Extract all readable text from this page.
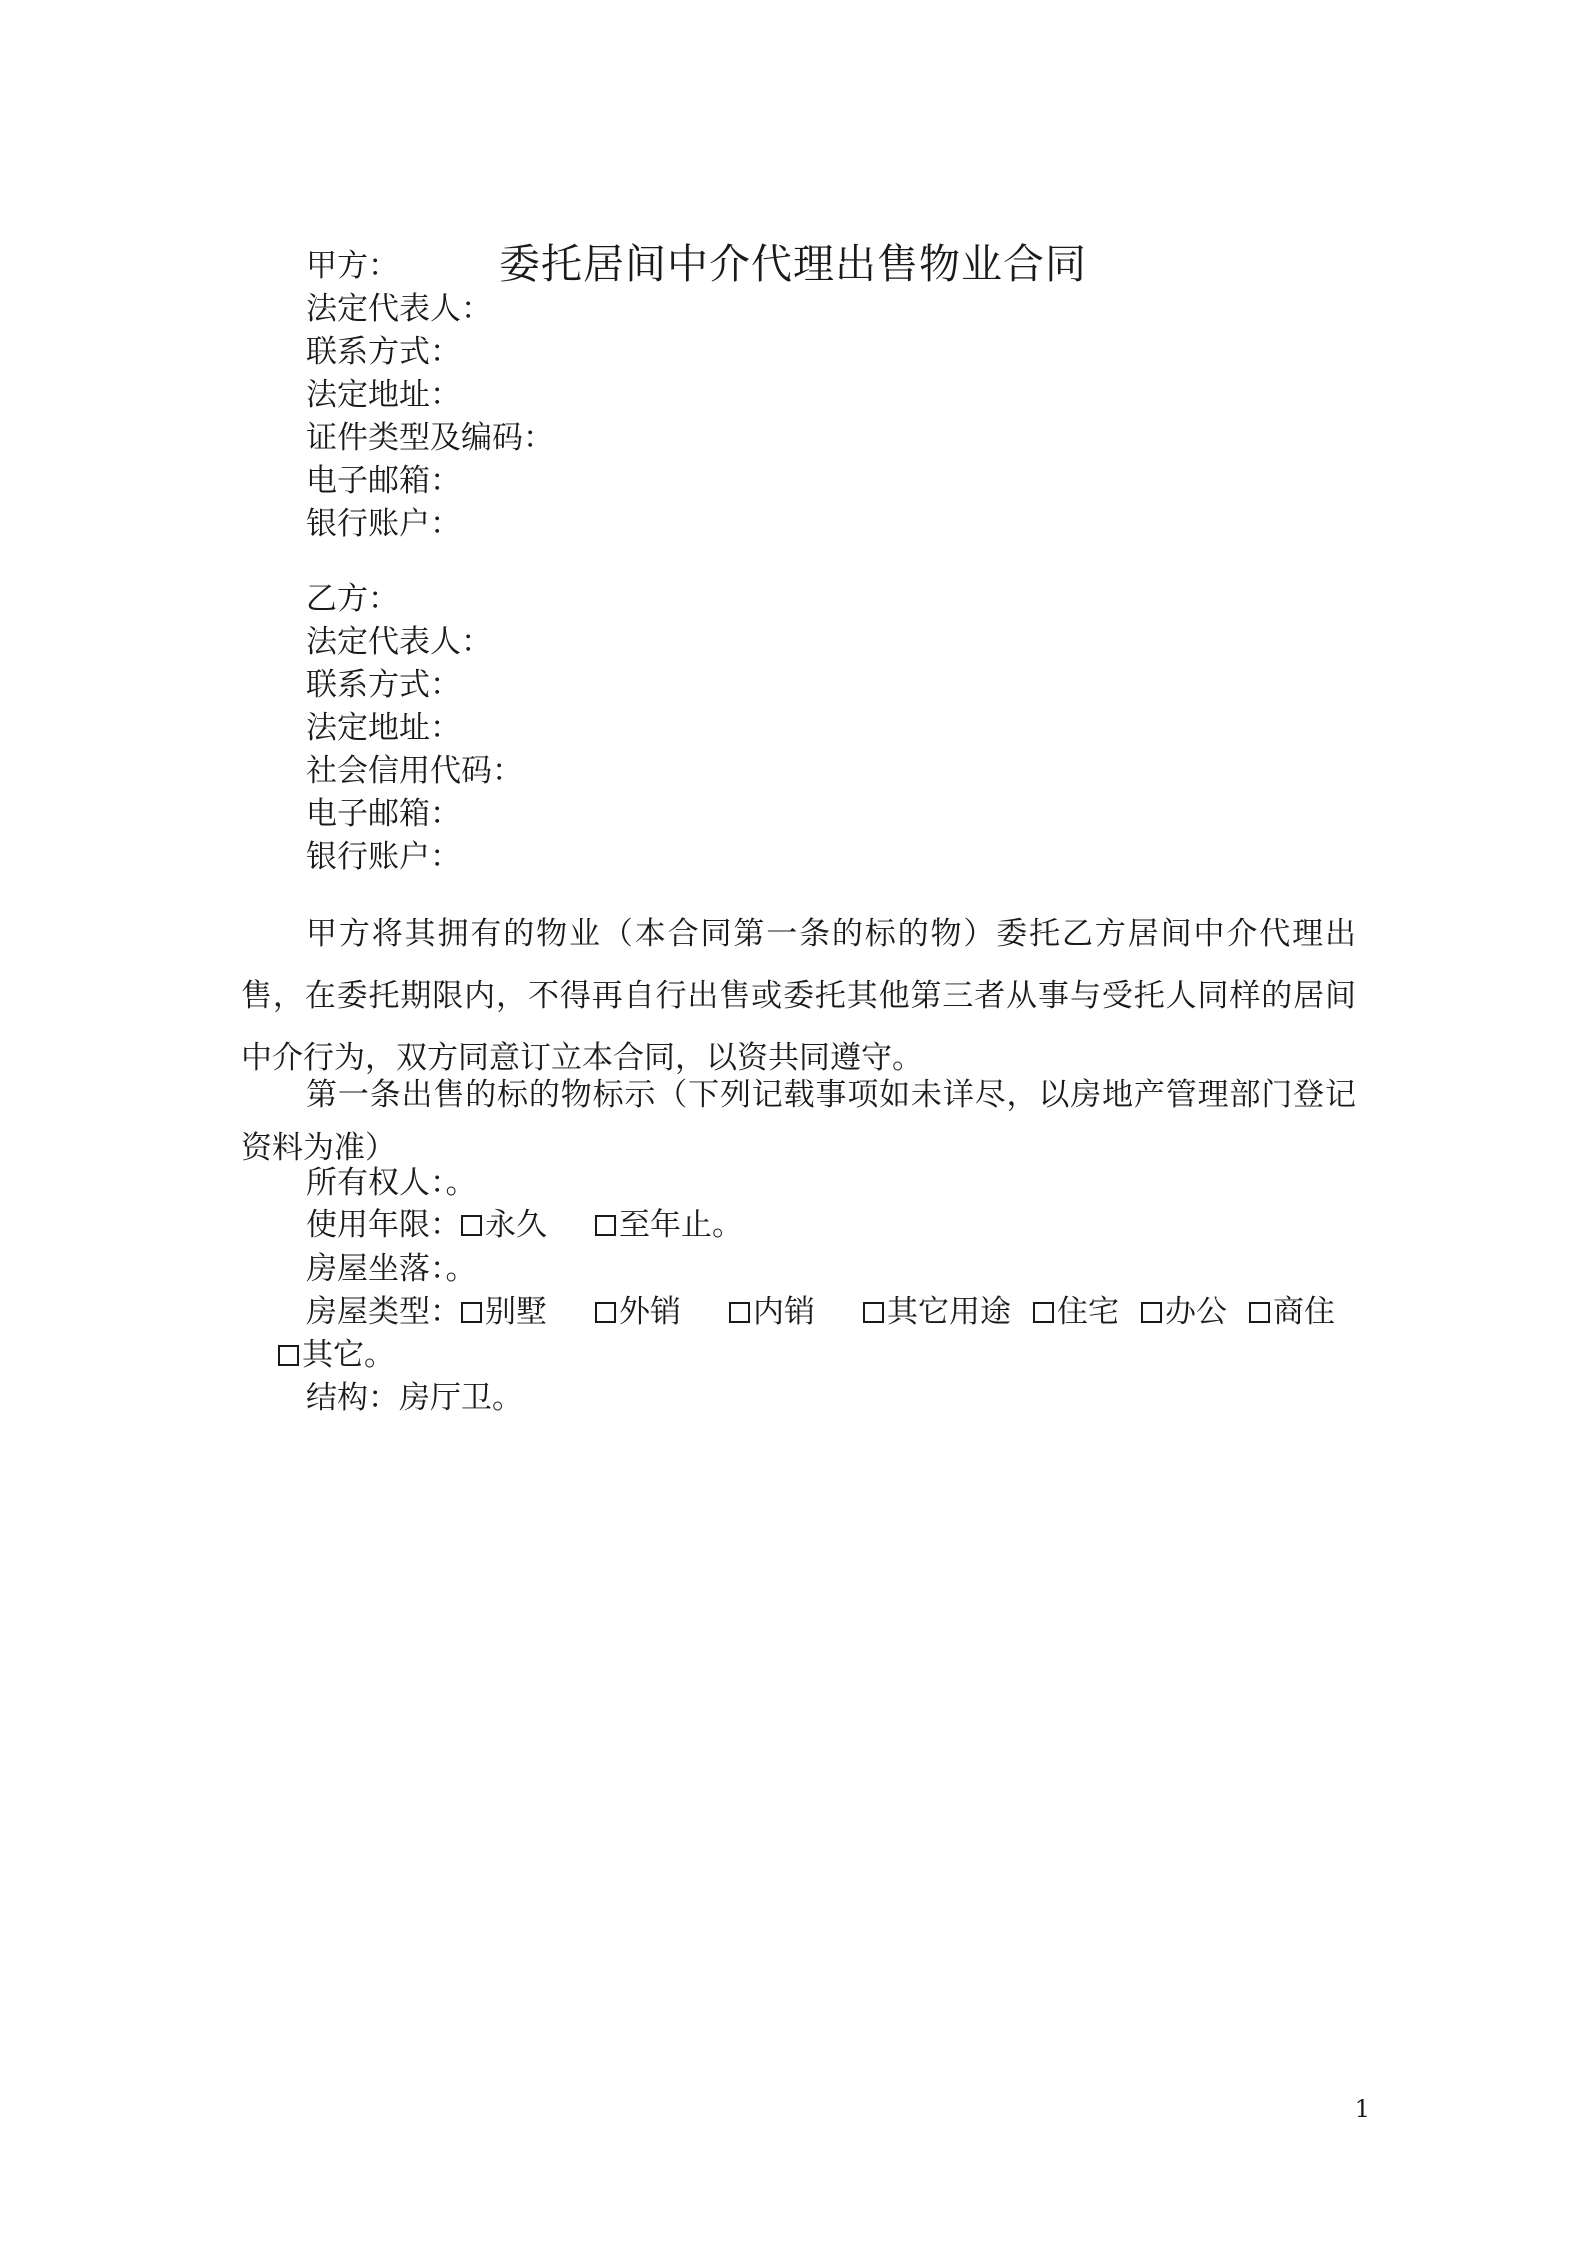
委托居间中介代理出售物业合同

甲方：

法定代表人：

联系方式：

法定地址：

证件类型及编码：

电子邮箱：

银行账户：

乙方：

法定代表人：

联系方式：

法定地址：

社会信用代码：

电子邮箱：

银行账户：

甲方将其拥有的物业（本合同第一条的标的物）委托乙方居间中介代理出售，在委托期限内，不得再自行出售或委托其他第三者从事与受托人同样的居间中介行为，双方同意订立本合同，以资共同遵守。

第一条出售的标的物标示（下列记载事项如未详尽，以房地产管理部门登记资料为准）

所有权人：。

使用年限： 永久 至年止。

房屋坐落：。

房屋类型： 别墅 外销 内销 其它用途 住宅 办公 商住

其它。

结构：房厅卫。

1
